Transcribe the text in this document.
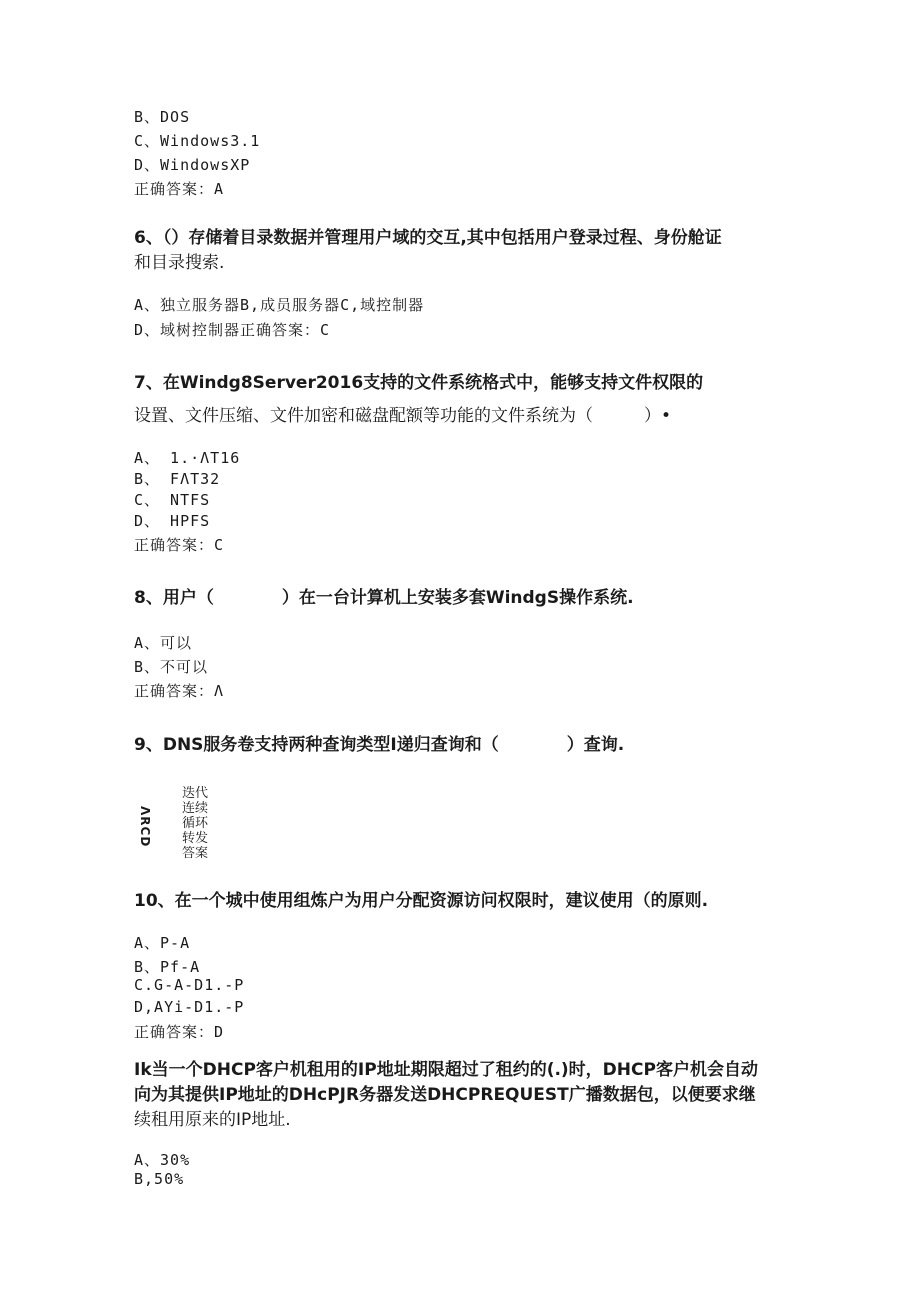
B、DOS
C、Windows3.1
D、WindowsXP
正确答案：A
6、（）存储着目录数据并管理用户域的交互,其中包括用户登录过程、身份舱证
和目录搜索.
A、独立服务器B,成员服务器C,域控制器
D、域树控制器正确答案：C
7、在Windg8Server2016支持的文件系统格式中，能够支持文件权限的
设置、文件压缩、文件加密和磁盘配额等功能的文件系统为（　　　）•
A、 1.·ΛT16
B、 FΛT32
C、 NTFS
D、 HPFS
正确答案：C
8、用户（　　　　）在一台计算机上安装多套WindgS操作系统.
A、可以
B、不可以
正确答案：Λ
9、DNS服务卷支持两种查询类型I递归查询和（　　　　）查询.
ΛRCD
迭代
连续
循环
转发
答案
10、在一个城中使用组炼户为用户分配资源访问权限时，建议使用（的原则.
A、P-A
B、Pf-A
C.G-A-D1.-P
D,AYi-D1.-P
正确答案：D
Ik当一个DHCP客户机租用的IP地址期限超过了租约的(.)时，DHCP客户机会自动
向为其提供IP地址的DHcPJR务器发送DHCPREQUEST广播数据包，以便要求继
续租用原来的IP地址.
A、30%
B,50%
